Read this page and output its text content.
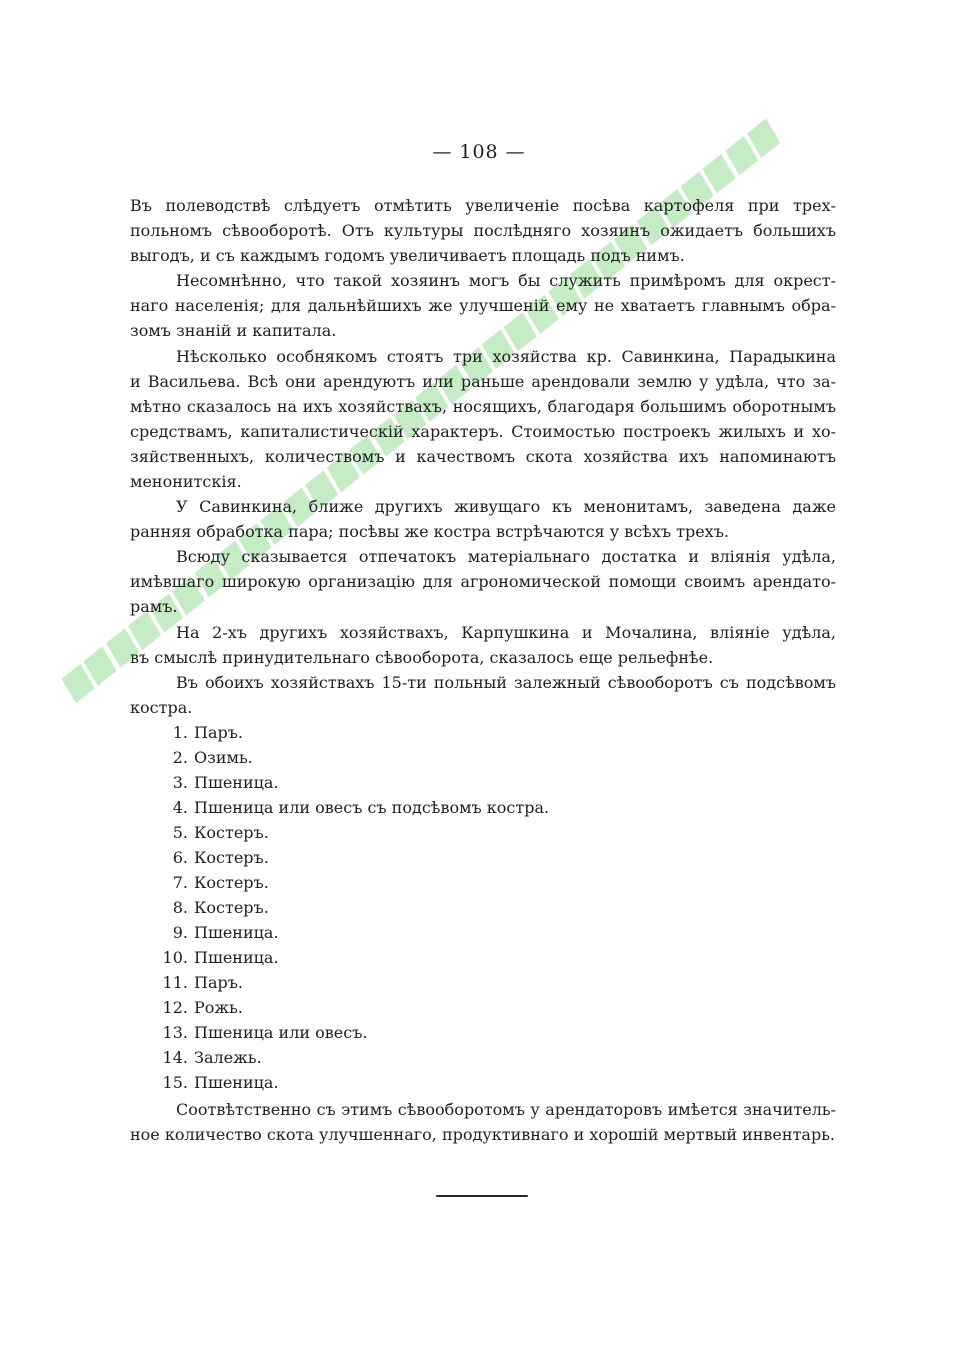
— 108 —
Въ полеводствѣ слѣдуетъ отмѣтить увеличеніе посѣва картофеля при трех-
польномъ сѣвооборотѣ. Отъ культуры послѣдняго хозяинъ ожидаетъ большихъ
выгодъ, и съ каждымъ годомъ увеличиваетъ площадь подъ нимъ.
Несомнѣнно, что такой хозяинъ могъ бы служить примѣромъ для окрест-
наго населенія; для дальнѣйшихъ же улучшеній ему не хватаетъ главнымъ обра-
зомъ знаній и капитала.
Нѣсколько особнякомъ стоятъ три хозяйства кр. Савинкина, Парадыкина
и Васильева. Всѣ они арендуютъ или раньше арендовали землю у удѣла, что за-
мѣтно сказалось на ихъ хозяйствахъ, носящихъ, благодаря большимъ оборотнымъ
средствамъ, капиталистическій характеръ. Стоимостью построекъ жилыхъ и хо-
зяйственныхъ, количествомъ и качествомъ скота хозяйства ихъ напоминаютъ
менонитскія.
У Савинкина, ближе другихъ живущаго къ менонитамъ, заведена даже
ранняя обработка пара; посѣвы же костра встрѣчаются у всѣхъ трехъ.
Всюду сказывается отпечатокъ матеріальнаго достатка и вліянія удѣла,
имѣвшаго широкую организацію для агрономической помощи своимъ арендато-
рамъ.
На 2-хъ другихъ хозяйствахъ, Карпушкина и Мочалина, вліяніе удѣла,
въ смыслѣ принудительнаго сѣвооборота, сказалось еще рельефнѣе.
Въ обоихъ хозяйствахъ 15-ти польный залежный сѣвооборотъ съ подсѣвомъ
костра.
1. Паръ.
2. Озимь.
3. Пшеница.
4. Пшеница или овесъ съ подсѣвомъ костра.
5. Костеръ.
6. Костеръ.
7. Костеръ.
8. Костеръ.
9. Пшеница.
10. Пшеница.
11. Паръ.
12. Рожь.
13. Пшеница или овесъ.
14. Залежь.
15. Пшеница.
Соотвѣтственно съ этимъ сѣвооборотомъ у арендаторовъ имѣется значитель-
ное количество скота улучшеннаго, продуктивнаго и хорошій мертвый инвентарь.
